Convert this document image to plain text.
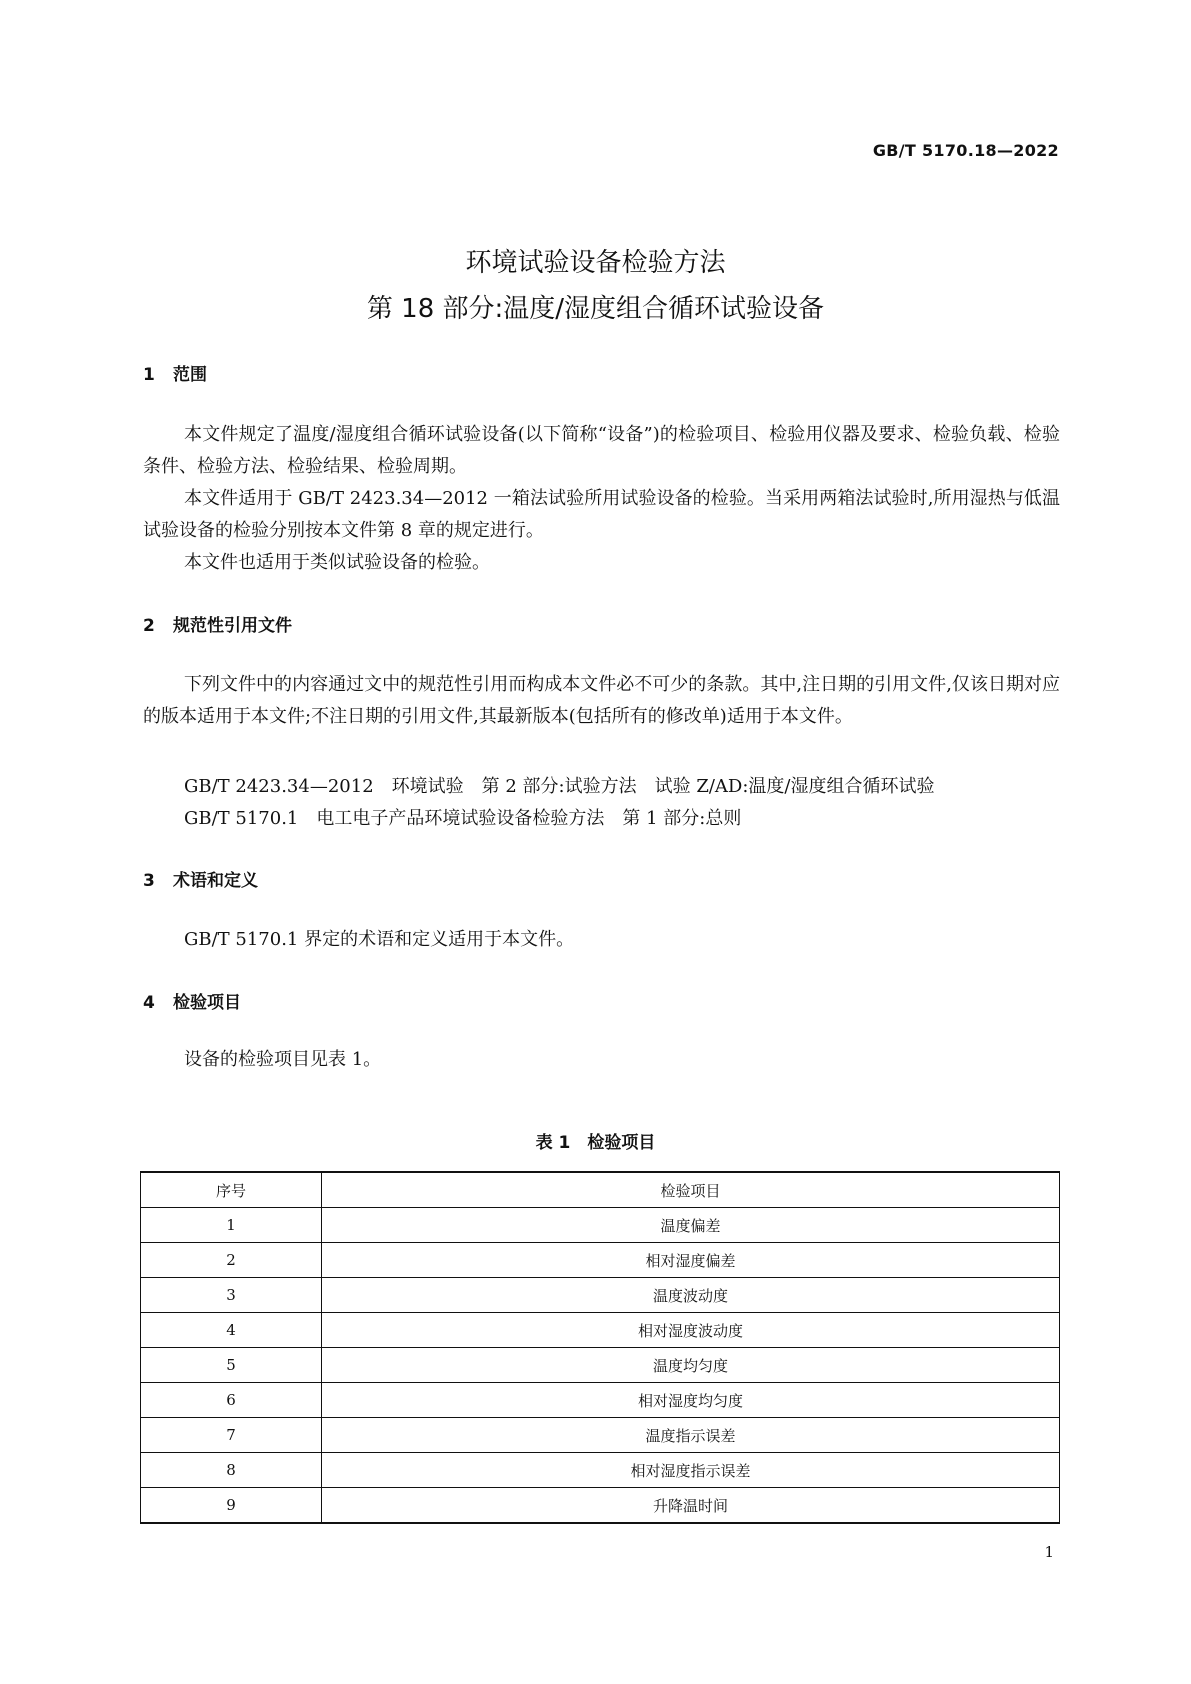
GB/T 5170.18—2022
环境试验设备检验方法
第 18 部分:温度/湿度组合循环试验设备
1 范围
本文件规定了温度/湿度组合循环试验设备(以下简称“设备”)的检验项目、检验用仪器及要求、检验负载、检验条件、检验方法、检验结果、检验周期。
本文件适用于 GB/T 2423.34—2012 一箱法试验所用试验设备的检验。当采用两箱法试验时,所用湿热与低温试验设备的检验分别按本文件第 8 章的规定进行。
本文件也适用于类似试验设备的检验。
2 规范性引用文件
下列文件中的内容通过文中的规范性引用而构成本文件必不可少的条款。其中,注日期的引用文件,仅该日期对应的版本适用于本文件;不注日期的引用文件,其最新版本(包括所有的修改单)适用于本文件。
GB/T 2423.34—2012　环境试验　第 2 部分:试验方法　试验 Z/AD:温度/湿度组合循环试验
GB/T 5170.1　电工电子产品环境试验设备检验方法　第 1 部分:总则
3 术语和定义
GB/T 5170.1 界定的术语和定义适用于本文件。
4 检验项目
设备的检验项目见表 1。
表 1　检验项目
序号	检验项目
1	温度偏差
2	相对湿度偏差
3	温度波动度
4	相对湿度波动度
5	温度均匀度
6	相对湿度均匀度
7	温度指示误差
8	相对湿度指示误差
9	升降温时间
1
